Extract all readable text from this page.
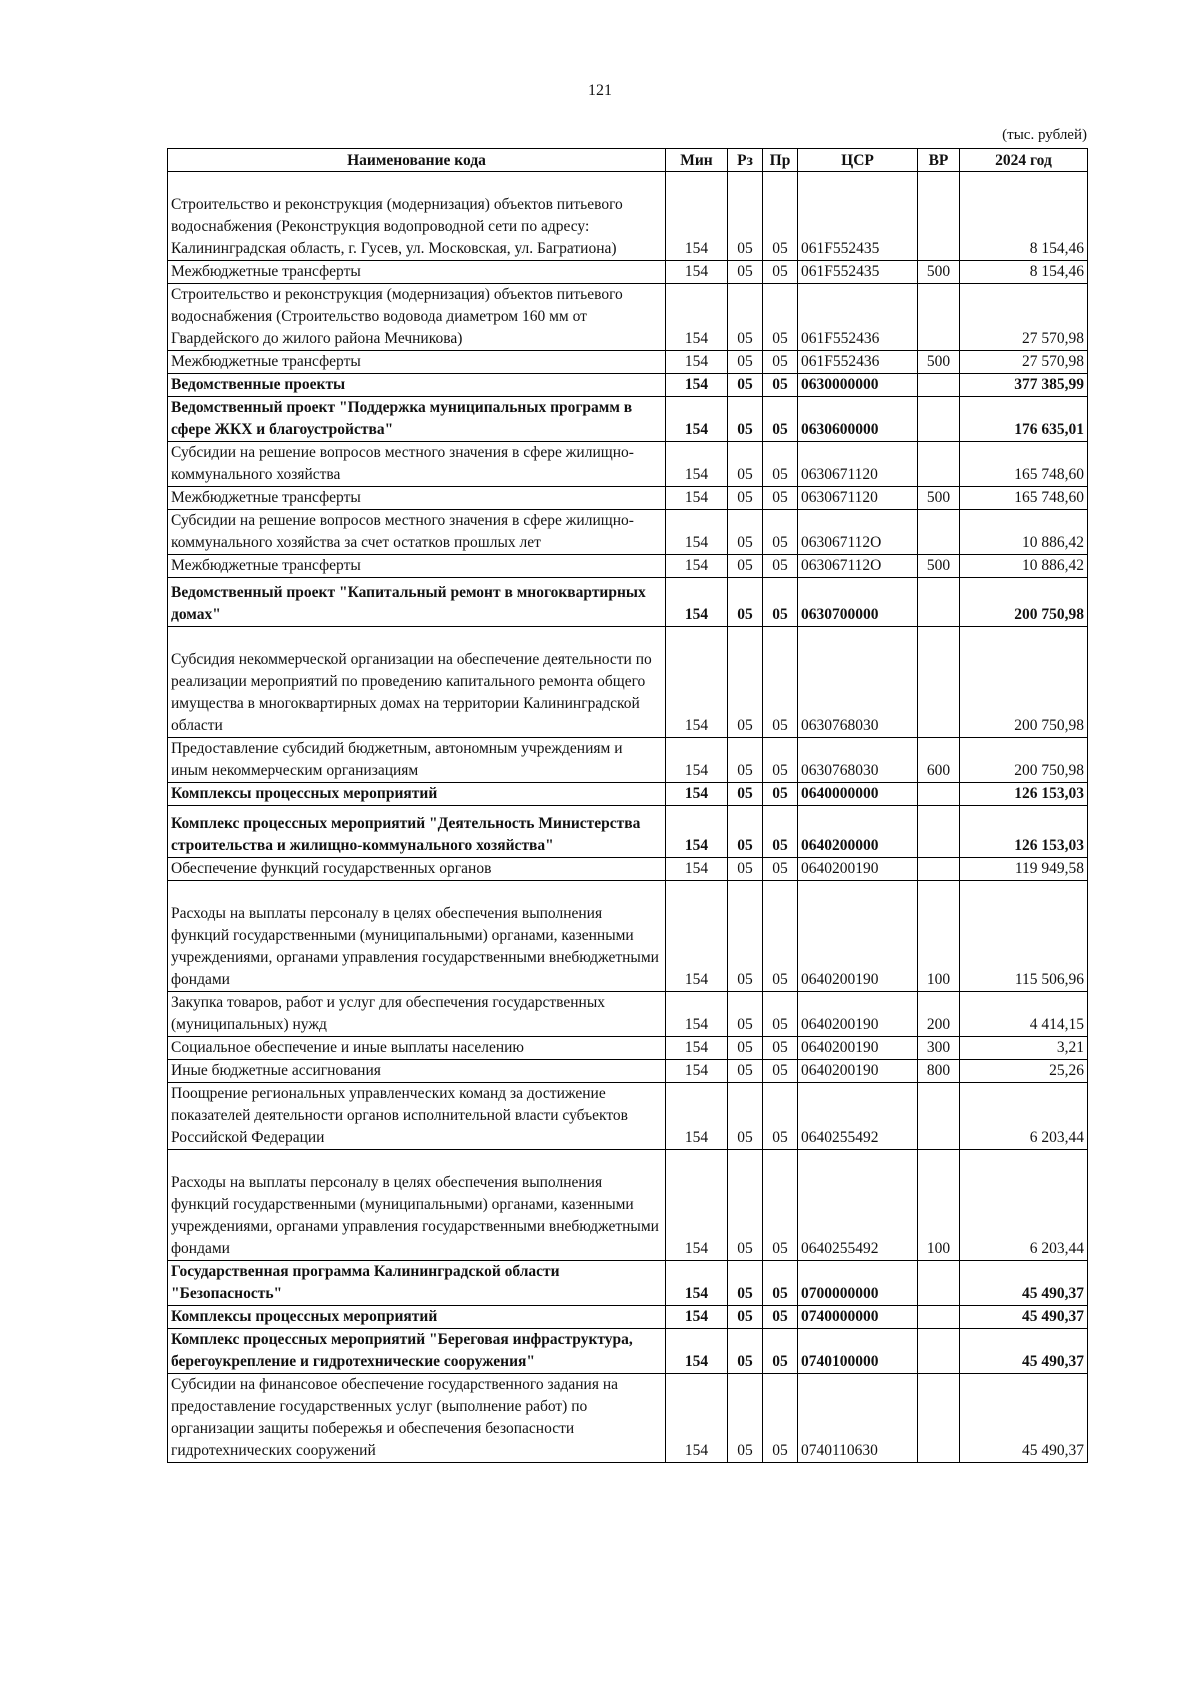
121
(тыс. рублей)
Наименование кода	Мин	Рз	Пр	ЦСР	ВР	2024 год
Строительство и реконструкция (модернизация) объектов питьевого водоснабжения (Реконструкция водопроводной сети по адресу: Калининградская область, г. Гусев, ул. Московская, ул. Багратиона)	154	05	05	061F552435		8 154,46
Межбюджетные трансферты	154	05	05	061F552435	500	8 154,46
Строительство и реконструкция (модернизация) объектов питьевого водоснабжения (Строительство водовода диаметром 160 мм от Гвардейского до жилого района Мечникова)	154	05	05	061F552436		27 570,98
Межбюджетные трансферты	154	05	05	061F552436	500	27 570,98
Ведомственные проекты	154	05	05	0630000000		377 385,99
Ведомственный проект "Поддержка муниципальных программ в сфере ЖКХ и благоустройства"	154	05	05	0630600000		176 635,01
Субсидии на решение вопросов местного значения в сфере жилищно-коммунального хозяйства	154	05	05	0630671120		165 748,60
Межбюджетные трансферты	154	05	05	0630671120	500	165 748,60
Субсидии на решение вопросов местного значения в сфере жилищно-коммунального хозяйства за счет остатков прошлых лет	154	05	05	063067112О		10 886,42
Межбюджетные трансферты	154	05	05	063067112О	500	10 886,42
Ведомственный проект "Капитальный ремонт в многоквартирных домах"	154	05	05	0630700000		200 750,98
Субсидия некоммерческой организации на обеспечение деятельности по реализации мероприятий по проведению капитального ремонта общего имущества в многоквартирных домах на территории Калининградской области	154	05	05	0630768030		200 750,98
Предоставление субсидий бюджетным, автономным учреждениям и иным некоммерческим организациям	154	05	05	0630768030	600	200 750,98
Комплексы процессных мероприятий	154	05	05	0640000000		126 153,03
Комплекс процессных мероприятий "Деятельность Министерства строительства и жилищно-коммунального хозяйства"	154	05	05	0640200000		126 153,03
Обеспечение функций государственных органов	154	05	05	0640200190		119 949,58
Расходы на выплаты персоналу в целях обеспечения выполнения функций государственными (муниципальными) органами, казенными учреждениями, органами управления государственными внебюджетными фондами	154	05	05	0640200190	100	115 506,96
Закупка товаров, работ и услуг для обеспечения государственных (муниципальных) нужд	154	05	05	0640200190	200	4 414,15
Социальное обеспечение и иные выплаты населению	154	05	05	0640200190	300	3,21
Иные бюджетные ассигнования	154	05	05	0640200190	800	25,26
Поощрение региональных управленческих команд за достижение показателей деятельности органов исполнительной власти субъектов Российской Федерации	154	05	05	0640255492		6 203,44
Расходы на выплаты персоналу в целях обеспечения выполнения функций государственными (муниципальными) органами, казенными учреждениями, органами управления государственными внебюджетными фондами	154	05	05	0640255492	100	6 203,44
Государственная программа Калининградской области "Безопасность"	154	05	05	0700000000		45 490,37
Комплексы процессных мероприятий	154	05	05	0740000000		45 490,37
Комплекс процессных мероприятий "Береговая инфраструктура, берегоукрепление и гидротехнические сооружения"	154	05	05	0740100000		45 490,37
Субсидии на финансовое обеспечение государственного задания на предоставление государственных услуг (выполнение работ) по организации защиты побережья и обеспечения безопасности гидротехнических сооружений	154	05	05	0740110630		45 490,37
